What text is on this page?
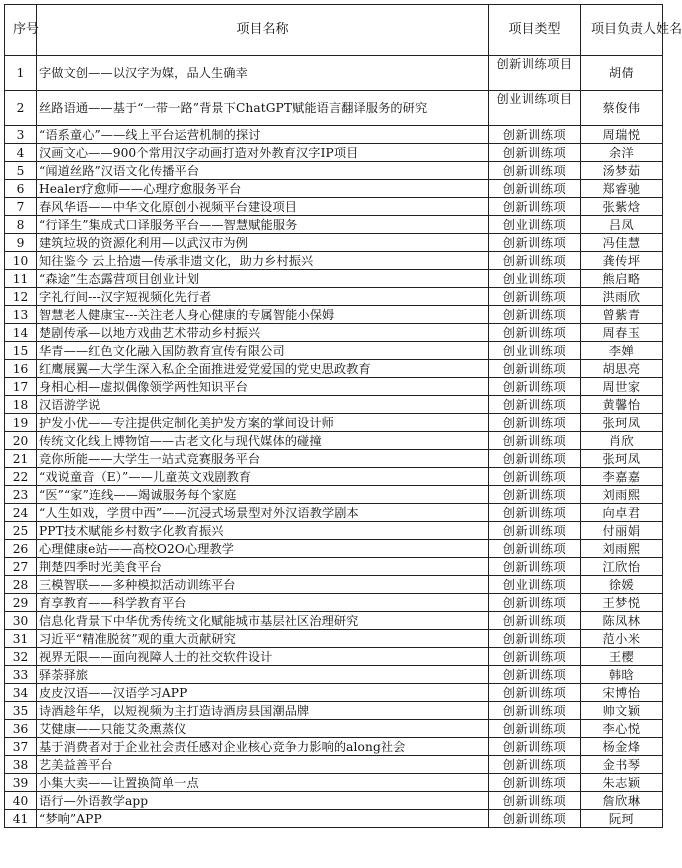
序号	项目名称	项目类型	项目负责人姓名
1	字做文创——以汉字为媒，品人生确幸	创新训练项目	胡倩
2	丝路语通——基于“一带一路”背景下ChatGPT赋能语言翻译服务的研究	创业训练项目	蔡俊伟
3	“语系童心”——线上平台运营机制的探讨	创新训练项	周瑞悦
4	汉画文心——900个常用汉字动画打造对外教育汉字IP项目	创新训练项	余洋
5	“闻道丝路”汉语文化传播平台	创新训练项	汤梦茹
6	Healer疗愈师——心理疗愈服务平台	创新训练项	郑睿驰
7	春风华语——中华文化原创小视频平台建设项目	创新训练项	张紫焓
8	“行译生”集成式口译服务平台——智慧赋能服务	创业训练项	吕凤
9	建筑垃圾的资源化利用—以武汉市为例	创新训练项	冯佳慧
10	知往鉴今 云上拾遗—传承非遗文化，助力乡村振兴	创新训练项	龚传坪
11	“森途”生态露营项目创业计划	创业训练项	熊启略
12	字礼行间---汉字短视频化先行者	创新训练项	洪雨欣
13	智慧老人健康宝---关注老人身心健康的专属智能小保姆	创新训练项	曾紫青
14	楚剧传承—以地方戏曲艺术带动乡村振兴	创新训练项	周春玉
15	华青——红色文化融入国防教育宣传有限公司	创业训练项	李婵
16	红鹰展翼—大学生深入私企全面推进爱党爱国的党史思政教育	创新训练项	胡思亮
17	身相心相—虚拟偶像领学两性知识平台	创新训练项	周世家
18	汉语游学说	创新训练项	黄馨怡
19	护发小优——专注提供定制化美护发方案的掌间设计师	创新训练项	张珂凤
20	传统文化线上博物馆——古老文化与现代媒体的碰撞	创新训练项	肖欣
21	竞你所能——大学生一站式竞赛服务平台	创新训练项	张珂凤
22	“戏说童音（E）”——儿童英文戏剧教育	创新训练项	李嘉嘉
23	“医”“家”连线——竭诚服务每个家庭	创新训练项	刘雨熙
24	“人生如戏，学贯中西”——沉浸式场景型对外汉语教学剧本	创新训练项	向卓君
25	PPT技术赋能乡村数字化教育振兴	创新训练项	付丽娟
26	心理健康e站——高校O2O心理教学	创新训练项	刘雨熙
27	荆楚四季时光美食平台	创新训练项	江欣怡
28	三模智联——多种模拟活动训练平台	创业训练项	徐媛
29	育享教育——科学教育平台	创新训练项	王梦悦
30	信息化背景下中华优秀传统文化赋能城市基层社区治理研究	创新训练项	陈凤林
31	习近平“精准脱贫”观的重大贡献研究	创新训练项	范小米
32	视界无限——面向视障人士的社交软件设计	创新训练项	王樱
33	驿荼驿旅	创新训练项	韩晗
34	皮皮汉语——汉语学习APP	创新训练项	宋博怡
35	诗酒趁年华，以短视频为主打造诗酒房县国潮品牌	创新训练项	帅文颖
36	艾健康——只能艾灸熏蒸仪	创新训练项	李心悦
37	基于消费者对于企业社会责任感对企业核心竞争力影响的along社会	创新训练项	杨金烽
38	艺美益善平台	创新训练项	金书琴
39	小集大卖——让置换简单一点	创新训练项	朱志颖
40	语行—外语教学app	创新训练项	詹欣琳
41	“梦响”APP	创新训练项	阮珂
